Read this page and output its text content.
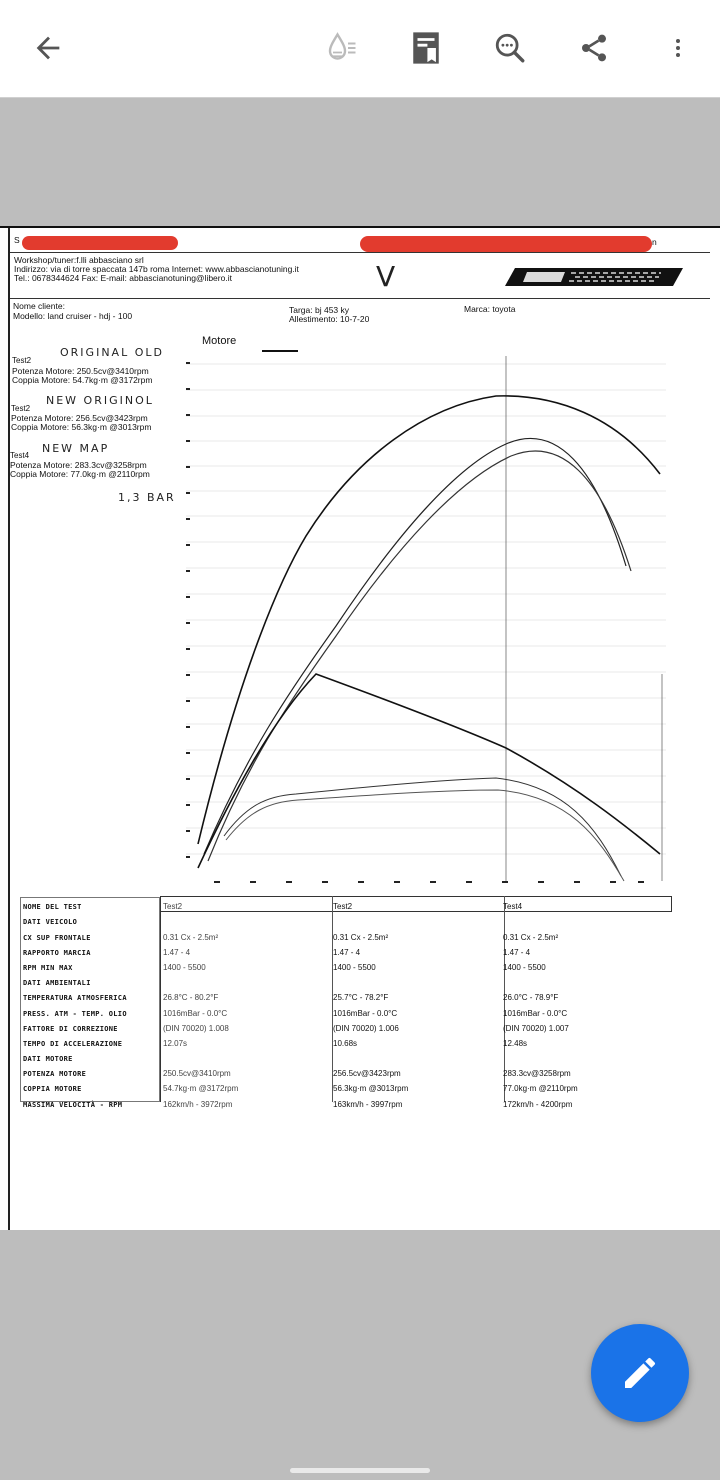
S	n
Workshop/tuner:f.lli abbasciano srl
Indirizzo: via di torre spaccata 147b roma Internet: www.abbascianotuning.it
Tel.: 0678344624 Fax: E-mail: abbascianotuning@libero.it	V
Nome cliente:
Modello: land cruiser - hdj - 100
Targa: bj 453 ky
Allestimento: 10-7-20
Marca: toyota
Motore
Test2
ORIGINAL OLD
Potenza Motore: 250.5cv@3410rpm
Coppia Motore: 54.7kg·m @3172rpm
Test2
NEW ORIGINOL
Potenza Motore: 256.5cv@3423rpm
Coppia Motore: 56.3kg·m @3013rpm
Test4
NEW MAP
Potenza Motore: 283.3cv@3258rpm
Coppia Motore: 77.0kg·m @2110rpm
1,3 BAR
NOME DEL TEST	Test2	Test2	Test4
DATI VEICOLO			
CX SUP FRONTALE	0.31 Cx - 2.5m²	0.31 Cx - 2.5m²	0.31 Cx - 2.5m²
RAPPORTO MARCIA	1.47 - 4	1.47 - 4	1.47 - 4
RPM MIN MAX	1400 - 5500	1400 - 5500	1400 - 5500
DATI AMBIENTALI			
TEMPERATURA ATMOSFERICA	26.8°C - 80.2°F	25.7°C - 78.2°F	26.0°C - 78.9°F
PRESS. ATM - TEMP. OLIO	1016mBar - 0.0°C	1016mBar - 0.0°C	1016mBar - 0.0°C
FATTORE DI CORREZIONE	(DIN 70020) 1.008	(DIN 70020) 1.006	(DIN 70020) 1.007
TEMPO DI ACCELERAZIONE	12.07s	10.68s	12.48s
DATI MOTORE			
POTENZA MOTORE	250.5cv@3410rpm	256.5cv@3423rpm	283.3cv@3258rpm
COPPIA MOTORE	54.7kg·m @3172rpm	56.3kg·m @3013rpm	77.0kg·m @2110rpm
MASSIMA VELOCITÀ - RPM	162km/h - 3972rpm	163km/h - 3997rpm	172km/h - 4200rpm
